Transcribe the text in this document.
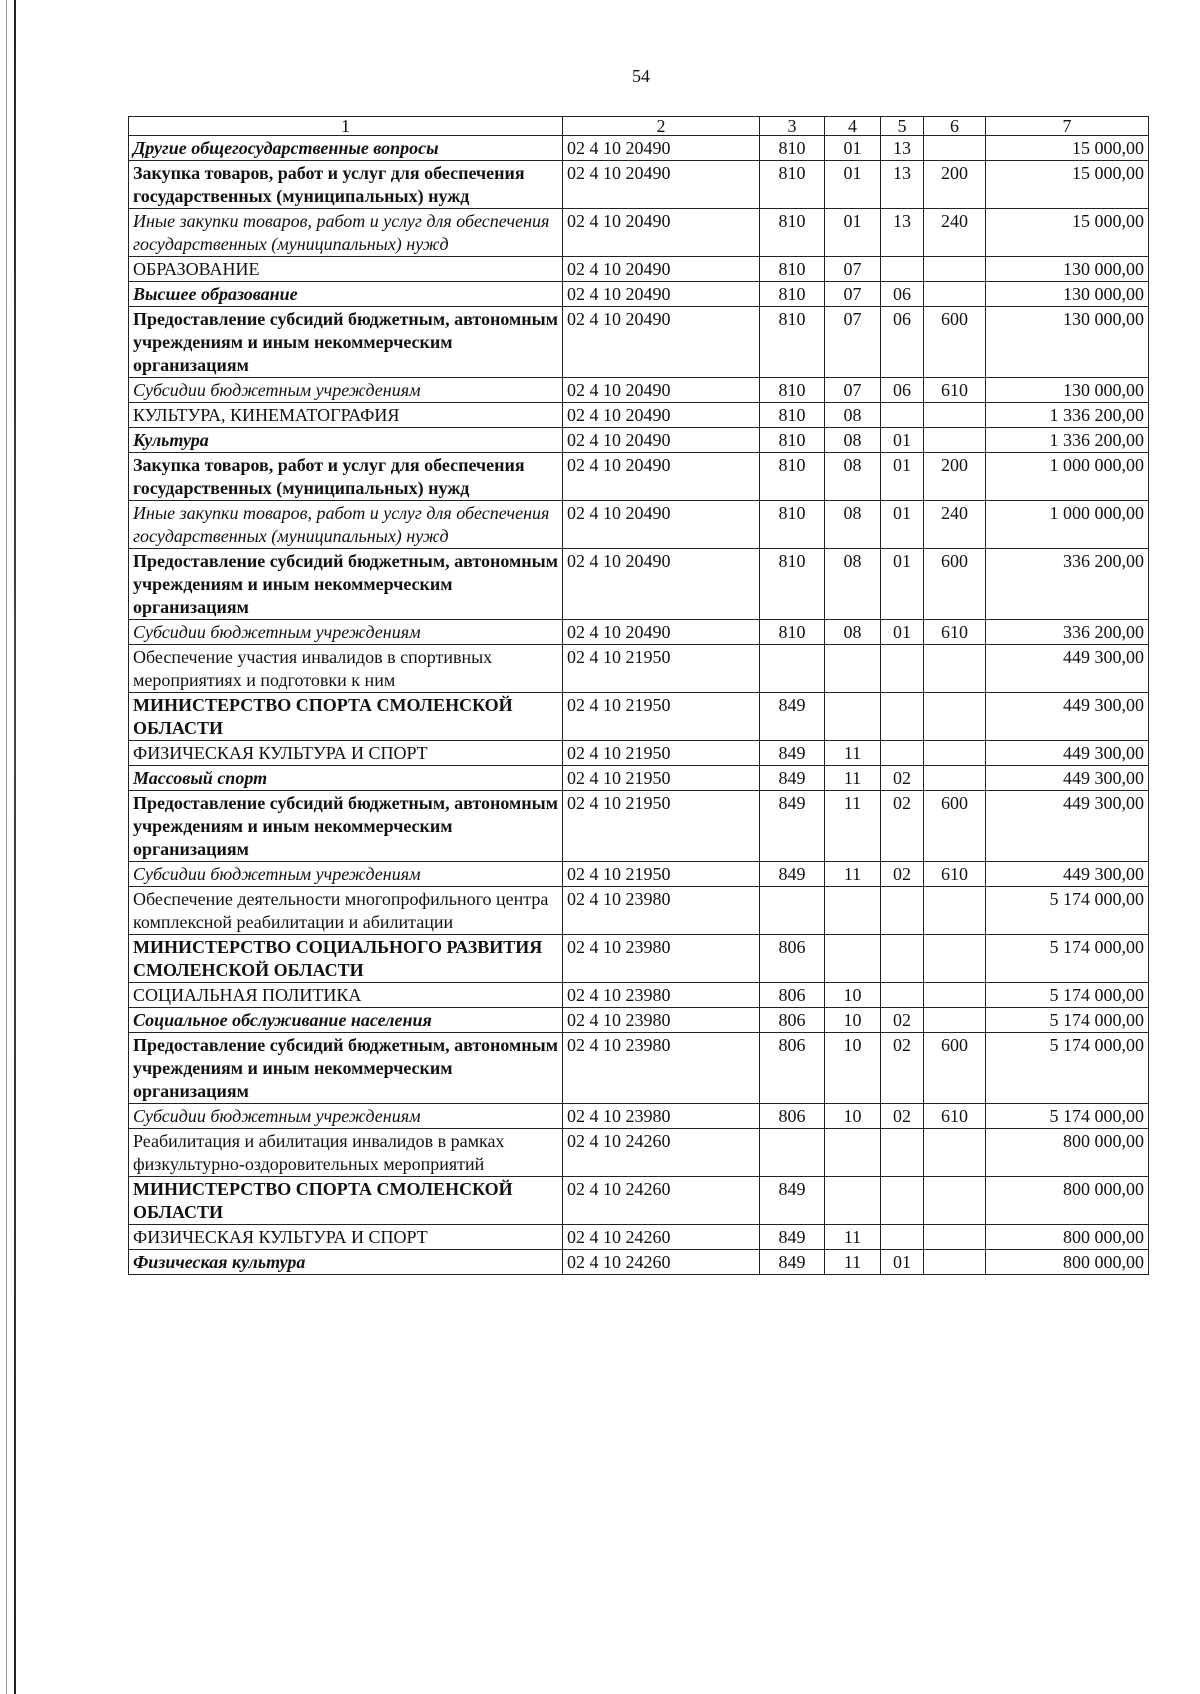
54
1	2	3	4	5	6	7
Другие общегосударственные вопросы	02 4 10 20490	810	01	13		15 000,00
Закупка товаров, работ и услуг для обеспечения государственных (муниципальных) нужд	02 4 10 20490	810	01	13	200	15 000,00
Иные закупки товаров, работ и услуг для обеспечения государственных (муниципальных) нужд	02 4 10 20490	810	01	13	240	15 000,00
ОБРАЗОВАНИЕ	02 4 10 20490	810	07			130 000,00
Высшее образование	02 4 10 20490	810	07	06		130 000,00
Предоставление субсидий бюджетным, автономным учреждениям и иным некоммерческим организациям	02 4 10 20490	810	07	06	600	130 000,00
Субсидии бюджетным учреждениям	02 4 10 20490	810	07	06	610	130 000,00
КУЛЬТУРА, КИНЕМАТОГРАФИЯ	02 4 10 20490	810	08			1 336 200,00
Культура	02 4 10 20490	810	08	01		1 336 200,00
Закупка товаров, работ и услуг для обеспечения государственных (муниципальных) нужд	02 4 10 20490	810	08	01	200	1 000 000,00
Иные закупки товаров, работ и услуг для обеспечения государственных (муниципальных) нужд	02 4 10 20490	810	08	01	240	1 000 000,00
Предоставление субсидий бюджетным, автономным учреждениям и иным некоммерческим организациям	02 4 10 20490	810	08	01	600	336 200,00
Субсидии бюджетным учреждениям	02 4 10 20490	810	08	01	610	336 200,00
Обеспечение участия инвалидов в спортивных мероприятиях и подготовки к ним	02 4 10 21950					449 300,00
МИНИСТЕРСТВО СПОРТА СМОЛЕНСКОЙ ОБЛАСТИ	02 4 10 21950	849				449 300,00
ФИЗИЧЕСКАЯ КУЛЬТУРА И СПОРТ	02 4 10 21950	849	11			449 300,00
Массовый спорт	02 4 10 21950	849	11	02		449 300,00
Предоставление субсидий бюджетным, автономным учреждениям и иным некоммерческим организациям	02 4 10 21950	849	11	02	600	449 300,00
Субсидии бюджетным учреждениям	02 4 10 21950	849	11	02	610	449 300,00
Обеспечение деятельности многопрофильного центра комплексной реабилитации и абилитации	02 4 10 23980					5 174 000,00
МИНИСТЕРСТВО СОЦИАЛЬНОГО РАЗВИТИЯ СМОЛЕНСКОЙ ОБЛАСТИ	02 4 10 23980	806				5 174 000,00
СОЦИАЛЬНАЯ ПОЛИТИКА	02 4 10 23980	806	10			5 174 000,00
Социальное обслуживание населения	02 4 10 23980	806	10	02		5 174 000,00
Предоставление субсидий бюджетным, автономным учреждениям и иным некоммерческим организациям	02 4 10 23980	806	10	02	600	5 174 000,00
Субсидии бюджетным учреждениям	02 4 10 23980	806	10	02	610	5 174 000,00
Реабилитация и абилитация инвалидов в рамках физкультурно-оздоровительных мероприятий	02 4 10 24260					800 000,00
МИНИСТЕРСТВО СПОРТА СМОЛЕНСКОЙ ОБЛАСТИ	02 4 10 24260	849				800 000,00
ФИЗИЧЕСКАЯ КУЛЬТУРА И СПОРТ	02 4 10 24260	849	11			800 000,00
Физическая культура	02 4 10 24260	849	11	01		800 000,00
